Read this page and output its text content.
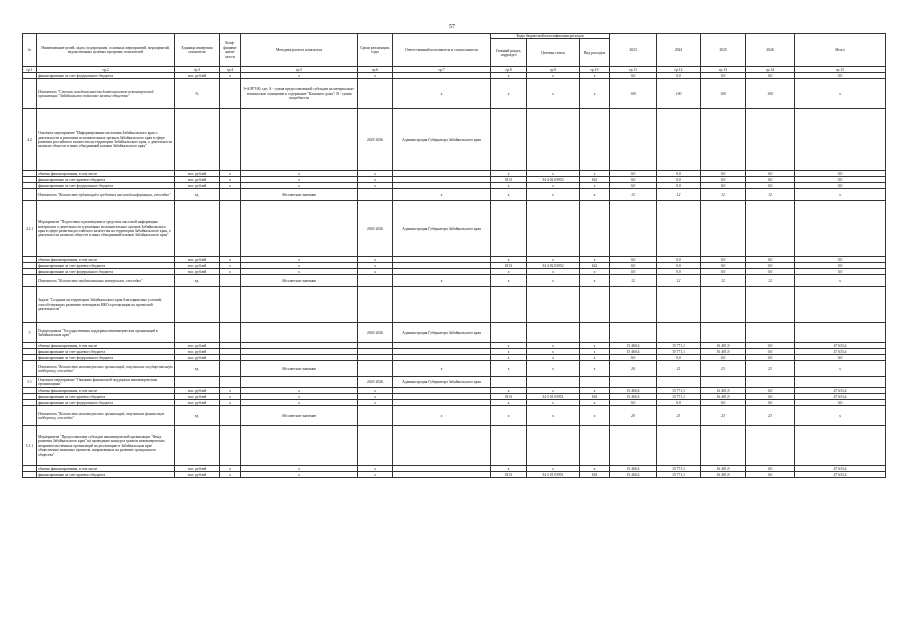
57
№	Наименование целей, задач, подпрограмм, основных мероприятий, мероприятий, ведомственных целевых программ, показателей	Единица измерения показателя	Коэф-фициент значи-мости	Методика расчета показателя	Сроки реализации, годы	Ответственный исполнитель и соисполнители	Коды бюджетной классификации расходов			2023	2024	2025	2026	Итого
							Главный раздел, подраздел	Целевая статья	Вид расходов					
гр.1	гр.2	гр.3	гр.4	гр.5	гр.6	гр.7	гр.8	гр.9	гр.10	гр.11	гр.12	гр.13	гр.14	гр.15
	финансирование за счет федерального бюджета	тыс. рублей	x	x	x		x	x	x	0,0	0,0	0,0	0,0	0,0
	Показатель "Степень осведомленности деятельностью некоммерческой организации "Забайкальское войсковое казачье общество"	%		I=A/B*100, где: А - сумма предоставленной субсидии на материально-технические оснащение и содержание "Казачьего дома"; В - сумма потребности		x	x	x	x	100	100	100	100	x
4.2	Основное мероприятие "Информирование населения Забайкальского края о деятельности и решениях исполнительных органов Забайкальского края в сфере развития российского казачества на территории Забайкальского края, о деятельности казачьих обществ и иных объединений казаков Забайкальского края"				2023-2026	Администрация Губернатора Забайкальского края								
	объемы финансирования, в том числе	тыс. рублей	x	x	x		x	x	x	0,0	0,0	0,0	0,0	0,0
	финансирование за счет краевого бюджета	тыс. рублей	x	x	x		0113	34 4 02 03952	622	0,0	0,0	0,0	0,0	0,0
	финансирование за счет федерального бюджета	тыс. рублей	x	x	x		x	x	x	0,0	0,0	0,0	0,0	0,0
	Показатель "Количество публикаций в средствах массовой информации, ежегодно"	ед.		Абсолютное значение		x	x	x	x	12	12	12	12	x
4.2.1	Мероприятие "Подготовка и размещение в средствах массовой информации материалов о деятельности и решениях исполнительных органов Забайкальского края в сфере развития российского казачества на территории Забайкальского края, о деятельности казачьих обществ и иных объединений казаков Забайкальского края"				2023-2026	Администрация Губернатора Забайкальского края								
	объемы финансирования, в том числе	тыс. рублей	x	x	x		x	x	x	0,0	0,0	0,0	0,0	0,0
	финансирование за счет краевого бюджета	тыс. рублей	x	x	x		0113	34 4 02 03952	622	0,0	0,0	0,0	0,0	0,0
	финансирование за счет федерального бюджета	тыс. рублей	x	x	x		x	x	x	0,0	0,0	0,0	0,0	0,0
	Показатель "Количество опубликованных материалов, ежегодно"	ед.		Абсолютное значение		x	x	x	x	12	12	12	12	x
	Задача "Создание на территории Забайкальского края благоприятных условий, способствующих развитию потенциала НКО и реализации их проектной деятельности"													
5	Подпрограмма "Государственная поддержка некоммерческих организаций в Забайкальском крае"				2023-2026	Администрация Губернатора Забайкальского края								
	объемы финансирования, в том числе	тыс. рублей					x	x	x	15 460,4	15 771,1	16 401,9	0,0	47 633,4
	финансирование за счет краевого бюджета	тыс. рублей					x	x	x	15 460,4	15 771,1	16 401,9	0,0	47 633,4
	финансирование за счет федерального бюджета	тыс. рублей					x	x	x	0,0	0,0	0,0	0,0	0,0
	Показатель "Количество некоммерческих организаций, получивших государственную поддержку, ежегодно"	ед.		Абсолютное значение		x	x	x	x	20	21	23	23	x
5.1	Основное мероприятие "Оказание финансовой поддержки некоммерческим организациям"				2023-2026	Администрация Губернатора Забайкальского края								
	объемы финансирования, в том числе	тыс. рублей	x	x	x		x	x	x	15 460,4	15 771,1	16 401,9	0,0	47 633,4
	финансирование за счет краевого бюджета	тыс. рублей	x	x	x		0113	34 5 01 03951	633	15 460,4	15 771,1	16 401,9	0,0	47 633,4
	финансирование за счет федерального бюджета	тыс. рублей	x	x	x		x	x	x	0,0	0,0	0,0	0,0	0,0
	Показатель "Количество некоммерческих организаций, получивших финансовую поддержку, ежегодно"	ед.		Абсолютное значение		x	x	x	x	20	21	23	23	x
5.1.1	Мероприятие "Предоставление субсидии некоммерческой организации "Фонд развития Забайкальского края" на проведение конкурса грантов некоммерческих неправительственных организаций на реализацию в Забайкальском крае общественно значимых проектов, направленных на развитие гражданского общества"													
	объемы финансирования, в том числе	тыс. рублей	x	x	x		x	x	x	15 460,4	15 771,1	16 401,9	0,0	47 633,4
	финансирование за счет краевого бюджета	тыс. рублей	x	x	x		0113	34 5 01 03951	633	15 460,4	15 771,1	16 401,9	0,0	47 633,4
